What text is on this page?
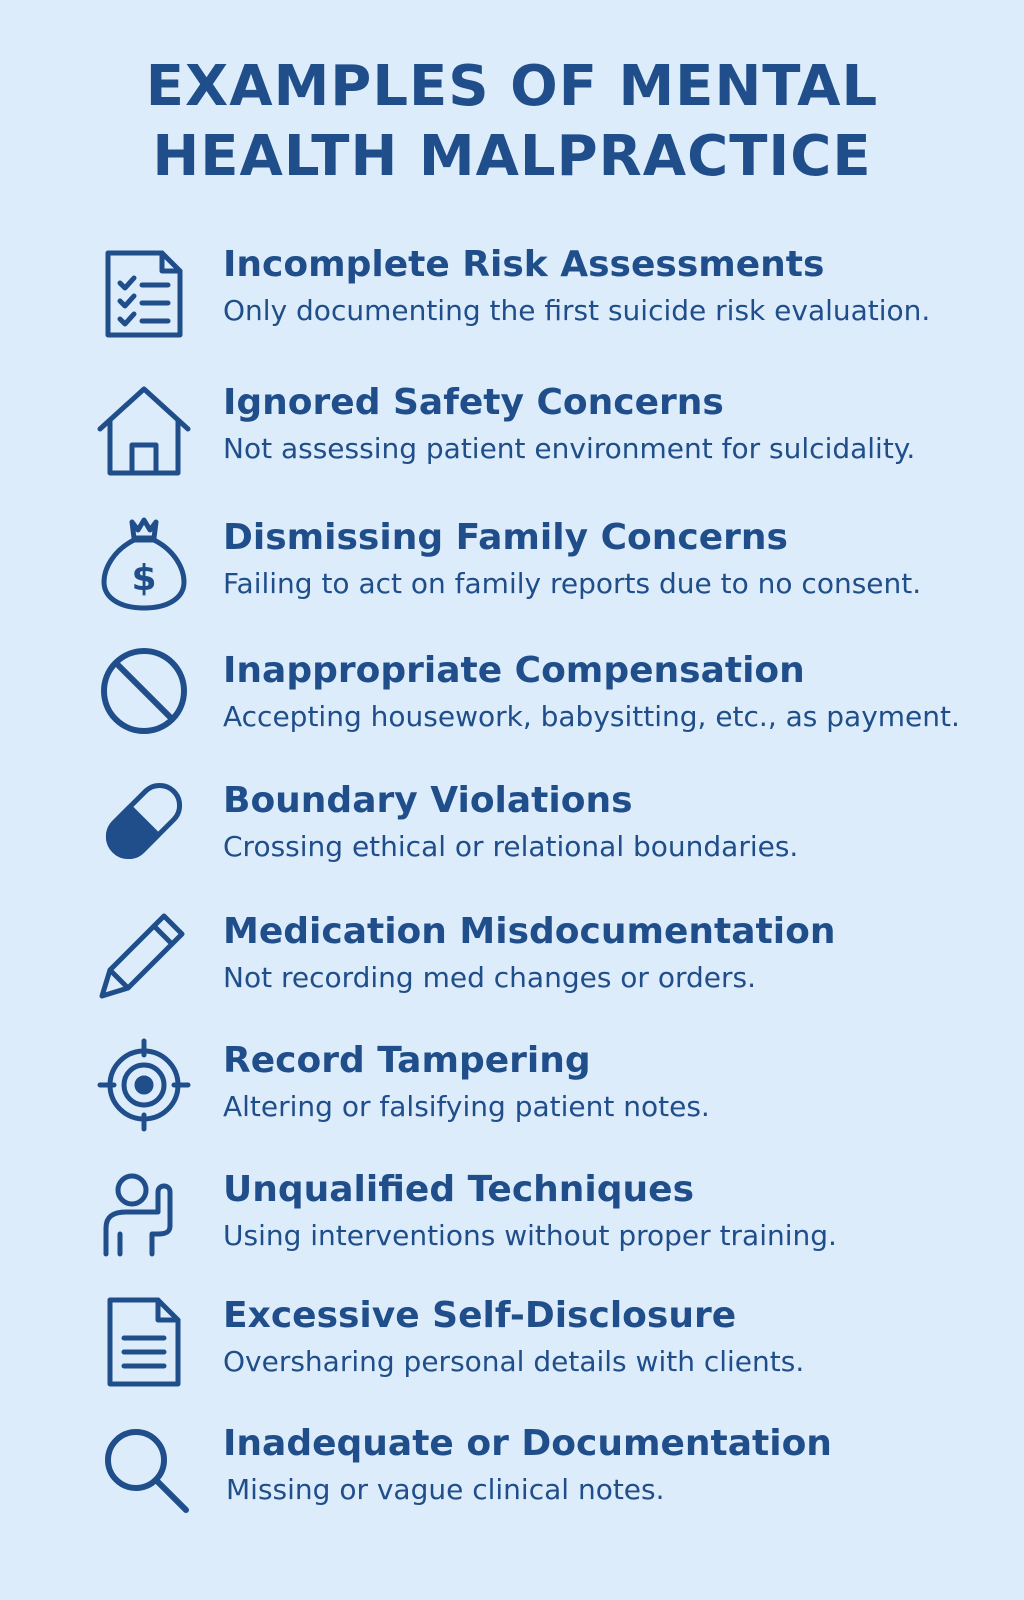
EXAMPLES OF MENTAL
HEALTH MALPRACTICE
Incomplete Risk Assessments
Only documenting the first suicide risk evaluation.
Ignored Safety Concerns
Not assessing patient environment for sulcidality.
$
Dismissing Family Concerns
Failing to act on family reports due to no consent.
Inappropriate Compensation
Accepting housework, babysitting, etc., as payment.
Boundary Violations
Crossing ethical or relational boundaries.
Medication Misdocumentation
Not recording med changes or orders.
Record Tampering
Altering or falsifying patient notes.
Unqualified Techniques
Using interventions without proper training.
Excessive Self-Disclosure
Oversharing personal details with clients.
Inadequate or Documentation
Missing or vague clinical notes.
